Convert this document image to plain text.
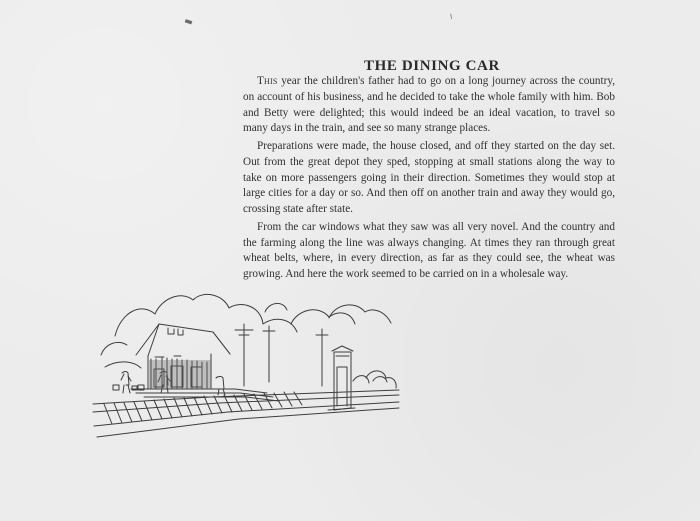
▬	╵
THE DINING CAR

This year the children's father had to go on a long journey across the country, on account of his business, and he decided to take the whole family with him. Bob and Betty were delighted; this would indeed be an ideal vacation, to travel so many days in the train, and see so many strange places.

Preparations were made, the house closed, and off they started on the day set. Out from the great depot they sped, stopping at small stations along the way to take on more passengers going in their direction. Sometimes they would stop at large cities for a day or so. And then off on another train and away they would go, crossing state after state.

From the car windows what they saw was all very novel. And the country and the farming along the line was always changing. At times they ran through great wheat belts, where, in every direction, as far as they could see, the wheat was growing. And here the work seemed to be carried on in a wholesale way.
